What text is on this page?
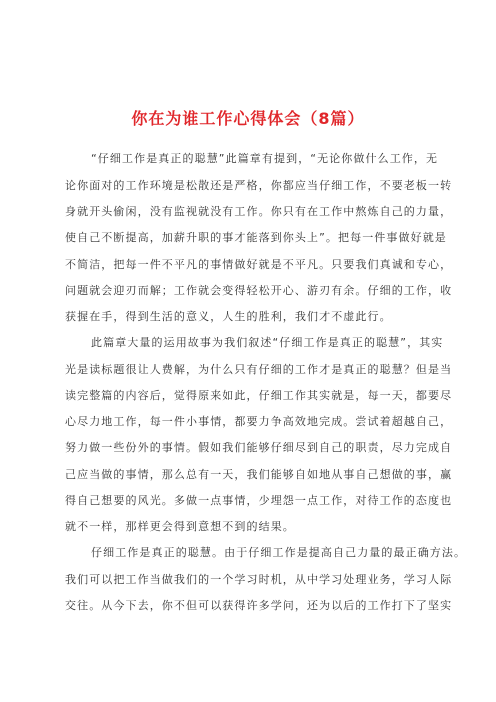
你在为谁工作心得体会（8篇）
“仔细工作是真正的聪慧”此篇章有提到，“无论你做什么工作，无
论你面对的工作环境是松散还是严格，你都应当仔细工作，不要老板一转
身就开头偷闲，没有监视就没有工作。你只有在工作中熬炼自己的力量，
使自己不断提高，加薪升职的事才能落到你头上”。把每一件事做好就是
不简洁，把每一件不平凡的事情做好就是不平凡。只要我们真诚和专心，
问题就会迎刃而解；工作就会变得轻松开心、游刃有余。仔细的工作，收
获握在手，得到生活的意义，人生的胜利，我们才不虚此行。
此篇章大量的运用故事为我们叙述“仔细工作是真正的聪慧”，其实
光是读标题很让人费解，为什么只有仔细的工作才是真正的聪慧？但是当
读完整篇的内容后，觉得原来如此，仔细工作其实就是，每一天，都要尽
心尽力地工作，每一件小事情，都要力争高效地完成。尝试着超越自己，
努力做一些份外的事情。假如我们能够仔细尽到自己的职责，尽力完成自
己应当做的事情，那么总有一天，我们能够自如地从事自己想做的事，赢
得自己想要的风光。多做一点事情，少埋怨一点工作，对待工作的态度也
就不一样，那样更会得到意想不到的结果。
仔细工作是真正的聪慧。由于仔细工作是提高自己力量的最正确方法。
我们可以把工作当做我们的一个学习时机，从中学习处理业务，学习人际
交往。从今下去，你不但可以获得许多学问，还为以后的工作打下了坚实
